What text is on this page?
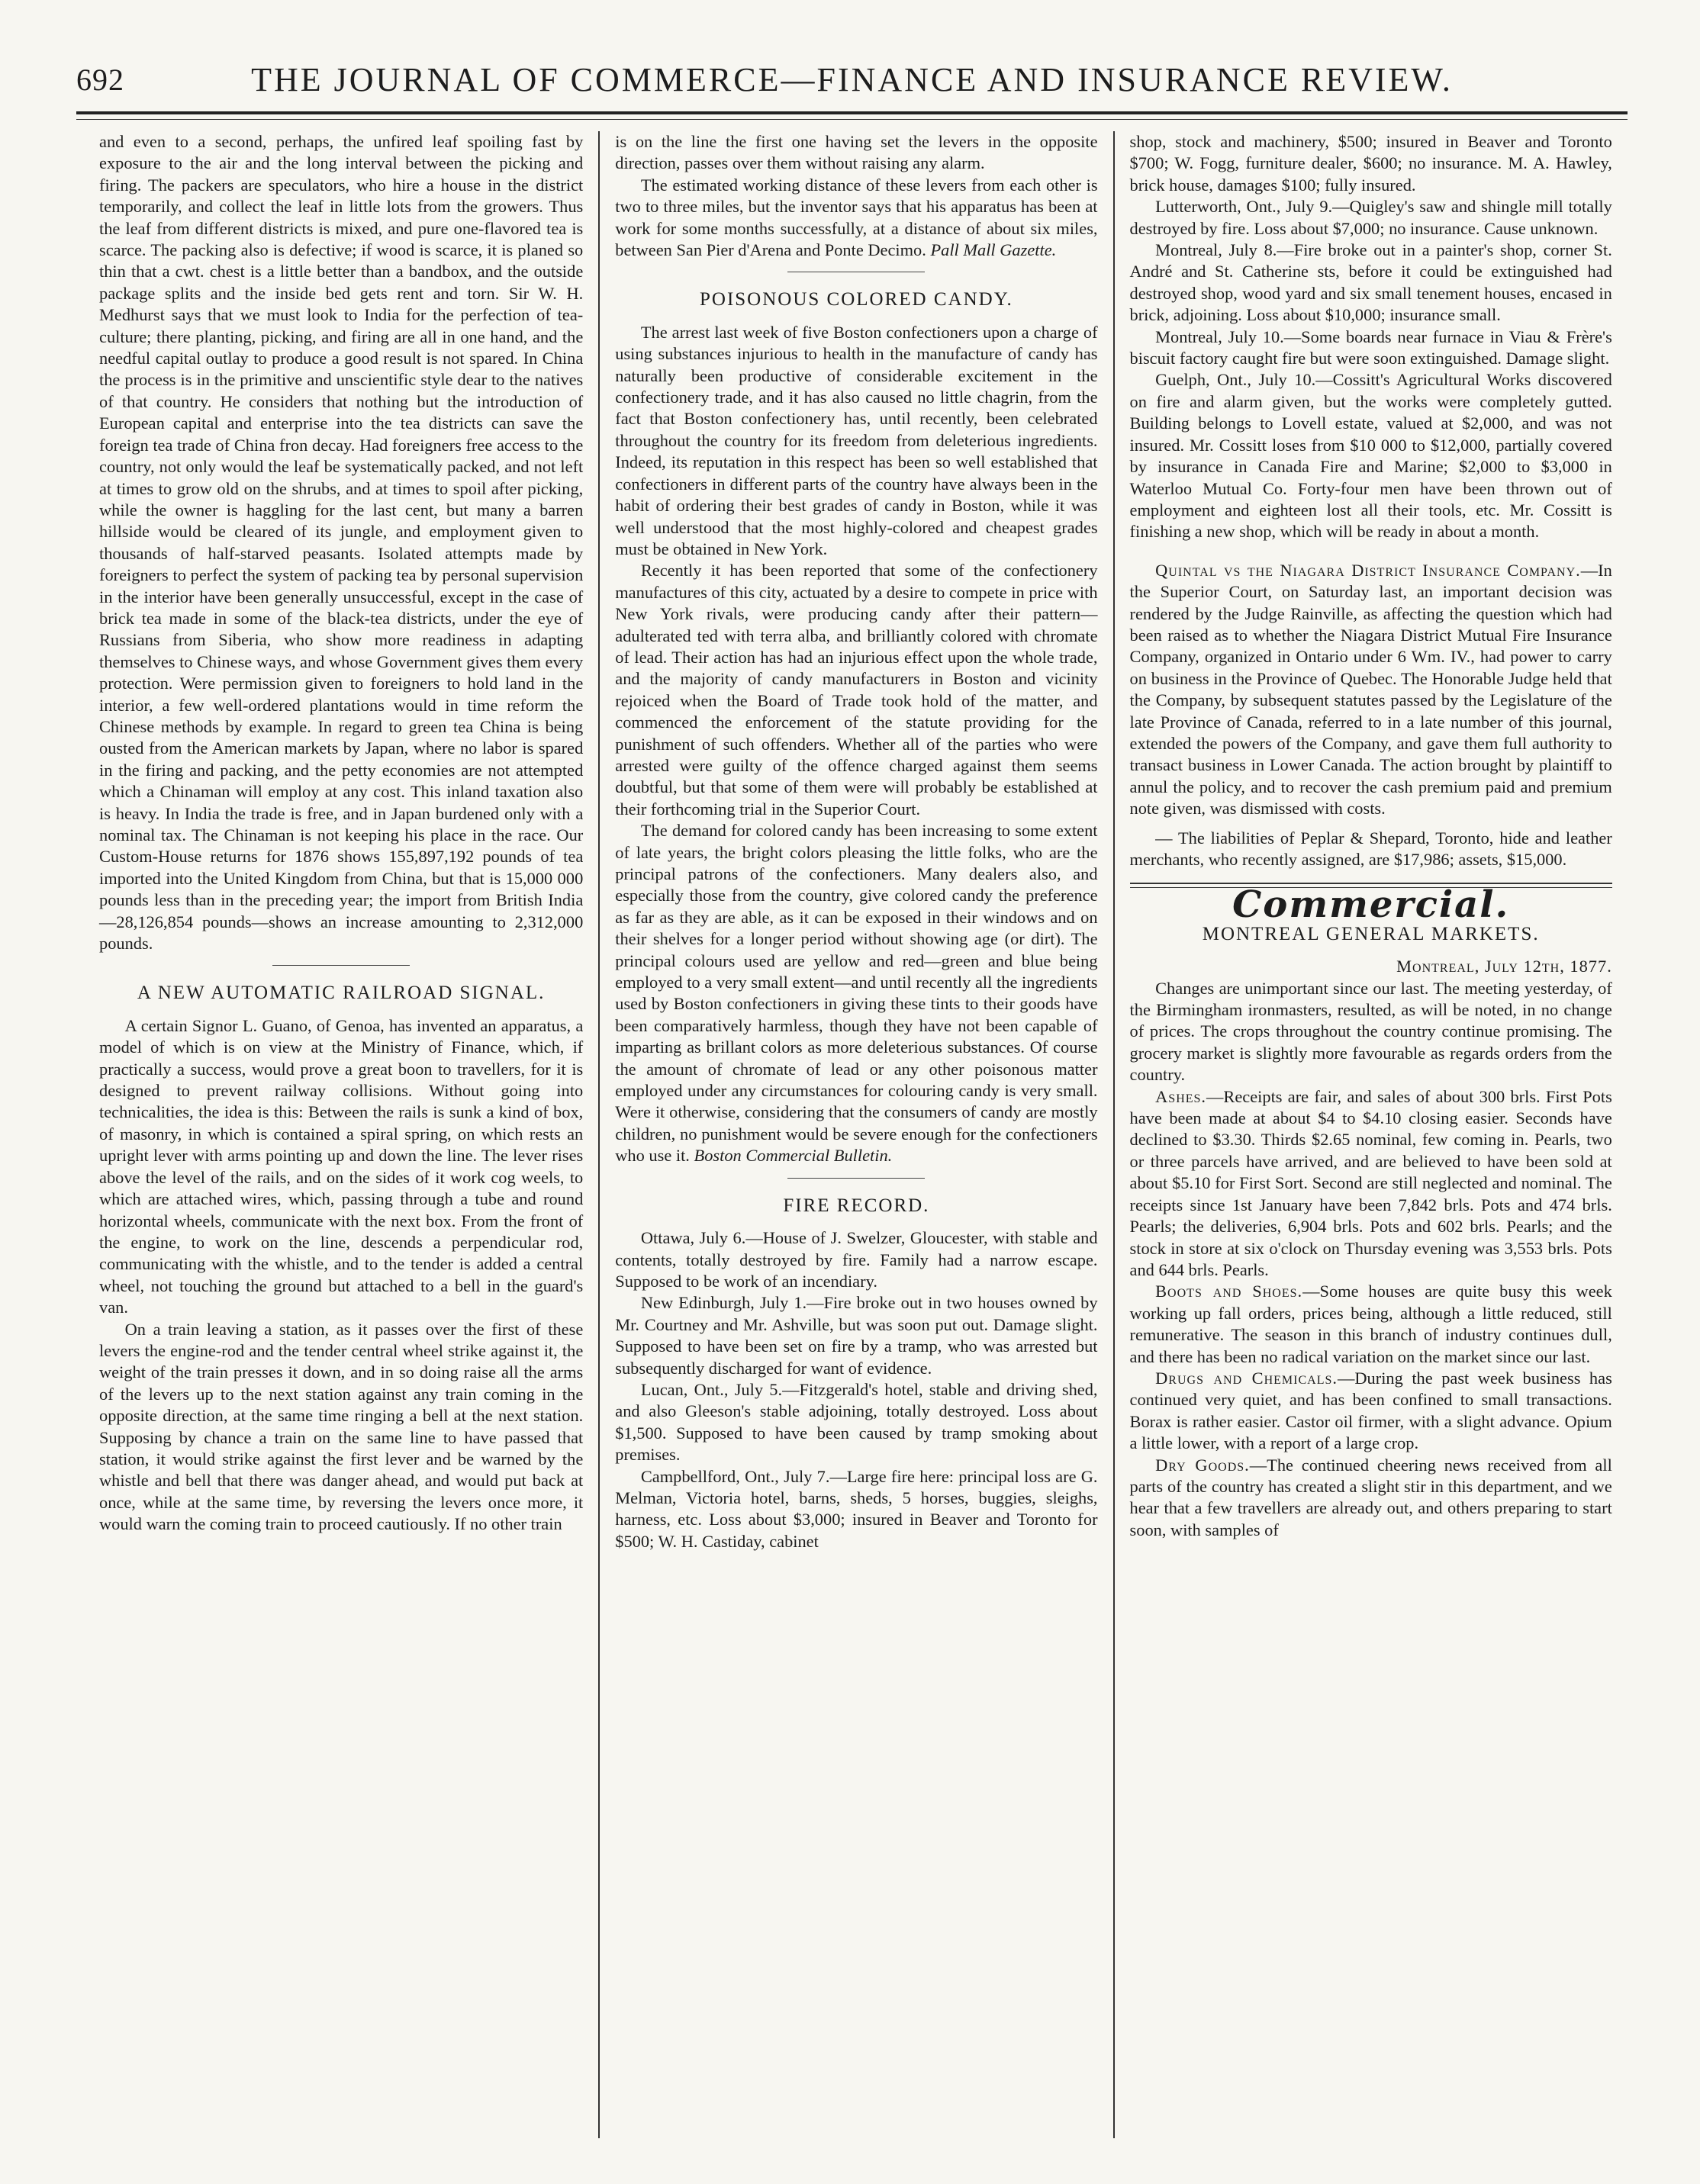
692	THE JOURNAL OF COMMERCE—FINANCE AND INSURANCE REVIEW.

and even to a second, perhaps, the unfired leaf spoiling fast by exposure to the air and the long interval between the picking and firing. The packers are speculators, who hire a house in the district temporarily, and collect the leaf in little lots from the growers. Thus the leaf from different districts is mixed, and pure one-flavored tea is scarce. The packing also is defective; if wood is scarce, it is planed so thin that a cwt. chest is a little better than a bandbox, and the outside package splits and the inside bed gets rent and torn. Sir W. H. Medhurst says that we must look to India for the perfection of tea-culture; there planting, picking, and firing are all in one hand, and the needful capital outlay to produce a good result is not spared. In China the process is in the primitive and unscientific style dear to the natives of that country. He considers that nothing but the introduction of European capital and enterprise into the tea districts can save the foreign tea trade of China fron decay. Had foreigners free access to the country, not only would the leaf be systematically packed, and not left at times to grow old on the shrubs, and at times to spoil after picking, while the owner is haggling for the last cent, but many a barren hillside would be cleared of its jungle, and employment given to thousands of half-starved peasants. Isolated attempts made by foreigners to perfect the system of packing tea by personal supervision in the interior have been generally unsuccessful, except in the case of brick tea made in some of the black-tea districts, under the eye of Russians from Siberia, who show more readiness in adapting themselves to Chinese ways, and whose Government gives them every protection. Were permission given to foreigners to hold land in the interior, a few well-ordered plantations would in time reform the Chinese methods by example. In regard to green tea China is being ousted from the American markets by Japan, where no labor is spared in the firing and packing, and the petty economies are not attempted which a Chinaman will employ at any cost. This inland taxation also is heavy. In India the trade is free, and in Japan burdened only with a nominal tax. The Chinaman is not keeping his place in the race. Our Custom-House returns for 1876 shows 155,897,192 pounds of tea imported into the United Kingdom from China, but that is 15,000 000 pounds less than in the preceding year; the import from British India—28,126,854 pounds—shows an increase amounting to 2,312,000 pounds.

A NEW AUTOMATIC RAILROAD SIGNAL.

A certain Signor L. Guano, of Genoa, has invented an apparatus, a model of which is on view at the Ministry of Finance, which, if practically a success, would prove a great boon to travellers, for it is designed to prevent railway collisions. Without going into technicalities, the idea is this: Between the rails is sunk a kind of box, of masonry, in which is contained a spiral spring, on which rests an upright lever with arms pointing up and down the line. The lever rises above the level of the rails, and on the sides of it work cog weels, to which are attached wires, which, passing through a tube and round horizontal wheels, communicate with the next box. From the front of the engine, to work on the line, descends a perpendicular rod, communicating with the whistle, and to the tender is added a central wheel, not touching the ground but attached to a bell in the guard's van.

On a train leaving a station, as it passes over the first of these levers the engine-rod and the tender central wheel strike against it, the weight of the train presses it down, and in so doing raise all the arms of the levers up to the next station against any train coming in the opposite direction, at the same time ringing a bell at the next station. Supposing by chance a train on the same line to have passed that station, it would strike against the first lever and be warned by the whistle and bell that there was danger ahead, and would put back at once, while at the same time, by reversing the levers once more, it would warn the coming train to proceed cautiously. If no other train

is on the line the first one having set the levers in the opposite direction, passes over them without raising any alarm.

The estimated working distance of these levers from each other is two to three miles, but the inventor says that his apparatus has been at work for some months successfully, at a distance of about six miles, between San Pier d'Arena and Ponte Decimo. Pall Mall Gazette.

POISONOUS COLORED CANDY.

The arrest last week of five Boston confectioners upon a charge of using substances injurious to health in the manufacture of candy has naturally been productive of considerable excitement in the confectionery trade, and it has also caused no little chagrin, from the fact that Boston confectionery has, until recently, been celebrated throughout the country for its freedom from deleterious ingredients. Indeed, its reputation in this respect has been so well established that confectioners in different parts of the country have always been in the habit of ordering their best grades of candy in Boston, while it was well understood that the most highly-colored and cheapest grades must be obtained in New York.

Recently it has been reported that some of the confectionery manufactures of this city, actuated by a desire to compete in price with New York rivals, were producing candy after their pattern—adulterated ted with terra alba, and brilliantly colored with chromate of lead. Their action has had an injurious effect upon the whole trade, and the majority of candy manufacturers in Boston and vicinity rejoiced when the Board of Trade took hold of the matter, and commenced the enforcement of the statute providing for the punishment of such offenders. Whether all of the parties who were arrested were guilty of the offence charged against them seems doubtful, but that some of them were will probably be established at their forthcoming trial in the Superior Court.

The demand for colored candy has been increasing to some extent of late years, the bright colors pleasing the little folks, who are the principal patrons of the confectioners. Many dealers also, and especially those from the country, give colored candy the preference as far as they are able, as it can be exposed in their windows and on their shelves for a longer period without showing age (or dirt). The principal colours used are yellow and red—green and blue being employed to a very small extent—and until recently all the ingredients used by Boston confectioners in giving these tints to their goods have been comparatively harmless, though they have not been capable of imparting as brillant colors as more deleterious substances. Of course the amount of chromate of lead or any other poisonous matter employed under any circumstances for colouring candy is very small. Were it otherwise, considering that the consumers of candy are mostly children, no punishment would be severe enough for the confectioners who use it. Boston Commercial Bulletin.

FIRE RECORD.

Ottawa, July 6.—House of J. Swelzer, Gloucester, with stable and contents, totally destroyed by fire. Family had a narrow escape. Supposed to be work of an incendiary.

New Edinburgh, July 1.—Fire broke out in two houses owned by Mr. Courtney and Mr. Ashville, but was soon put out. Damage slight. Supposed to have been set on fire by a tramp, who was arrested but subsequently discharged for want of evidence.

Lucan, Ont., July 5.—Fitzgerald's hotel, stable and driving shed, and also Gleeson's stable adjoining, totally destroyed. Loss about $1,500. Supposed to have been caused by tramp smoking about premises.

Campbellford, Ont., July 7.—Large fire here: principal loss are G. Melman, Victoria hotel, barns, sheds, 5 horses, buggies, sleighs, harness, etc. Loss about $3,000; insured in Beaver and Toronto for $500; W. H. Castiday, cabinet

shop, stock and machinery, $500; insured in Beaver and Toronto $700; W. Fogg, furniture dealer, $600; no insurance. M. A. Hawley, brick house, damages $100; fully insured.

Lutterworth, Ont., July 9.—Quigley's saw and shingle mill totally destroyed by fire. Loss about $7,000; no insurance. Cause unknown.

Montreal, July 8.—Fire broke out in a painter's shop, corner St. André and St. Catherine sts, before it could be extinguished had destroyed shop, wood yard and six small tenement houses, encased in brick, adjoining. Loss about $10,000; insurance small.

Montreal, July 10.—Some boards near furnace in Viau & Frère's biscuit factory caught fire but were soon extinguished. Damage slight.

Guelph, Ont., July 10.—Cossitt's Agricultural Works discovered on fire and alarm given, but the works were completely gutted. Building belongs to Lovell estate, valued at $2,000, and was not insured. Mr. Cossitt loses from $10 000 to $12,000, partially covered by insurance in Canada Fire and Marine; $2,000 to $3,000 in Waterloo Mutual Co. Forty-four men have been thrown out of employment and eighteen lost all their tools, etc. Mr. Cossitt is finishing a new shop, which will be ready in about a month.

Quintal vs the Niagara District Insurance Company.—In the Superior Court, on Saturday last, an important decision was rendered by the Judge Rainville, as affecting the question which had been raised as to whether the Niagara District Mutual Fire Insurance Company, organized in Ontario under 6 Wm. IV., had power to carry on business in the Province of Quebec. The Honorable Judge held that the Company, by subsequent statutes passed by the Legislature of the late Province of Canada, referred to in a late number of this journal, extended the powers of the Company, and gave them full authority to transact business in Lower Canada. The action brought by plaintiff to annul the policy, and to recover the cash premium paid and premium note given, was dismissed with costs.

— The liabilities of Peplar & Shepard, Toronto, hide and leather merchants, who recently assigned, are $17,986; assets, $15,000.

Commercial.
MONTREAL GENERAL MARKETS.

Montreal, July 12th, 1877.

Changes are unimportant since our last. The meeting yesterday, of the Birmingham ironmasters, resulted, as will be noted, in no change of prices. The crops throughout the country continue promising. The grocery market is slightly more favourable as regards orders from the country.

Ashes.—Receipts are fair, and sales of about 300 brls. First Pots have been made at about $4 to $4.10 closing easier. Seconds have declined to $3.30. Thirds $2.65 nominal, few coming in. Pearls, two or three parcels have arrived, and are believed to have been sold at about $5.10 for First Sort. Second are still neglected and nominal. The receipts since 1st January have been 7,842 brls. Pots and 474 brls. Pearls; the deliveries, 6,904 brls. Pots and 602 brls. Pearls; and the stock in store at six o'clock on Thursday evening was 3,553 brls. Pots and 644 brls. Pearls.

Boots and Shoes.—Some houses are quite busy this week working up fall orders, prices being, although a little reduced, still remunerative. The season in this branch of industry continues dull, and there has been no radical variation on the market since our last.

Drugs and Chemicals.—During the past week business has continued very quiet, and has been confined to small transactions. Borax is rather easier. Castor oil firmer, with a slight advance. Opium a little lower, with a report of a large crop.

Dry Goods.—The continued cheering news received from all parts of the country has created a slight stir in this department, and we hear that a few travellers are already out, and others preparing to start soon, with samples of
